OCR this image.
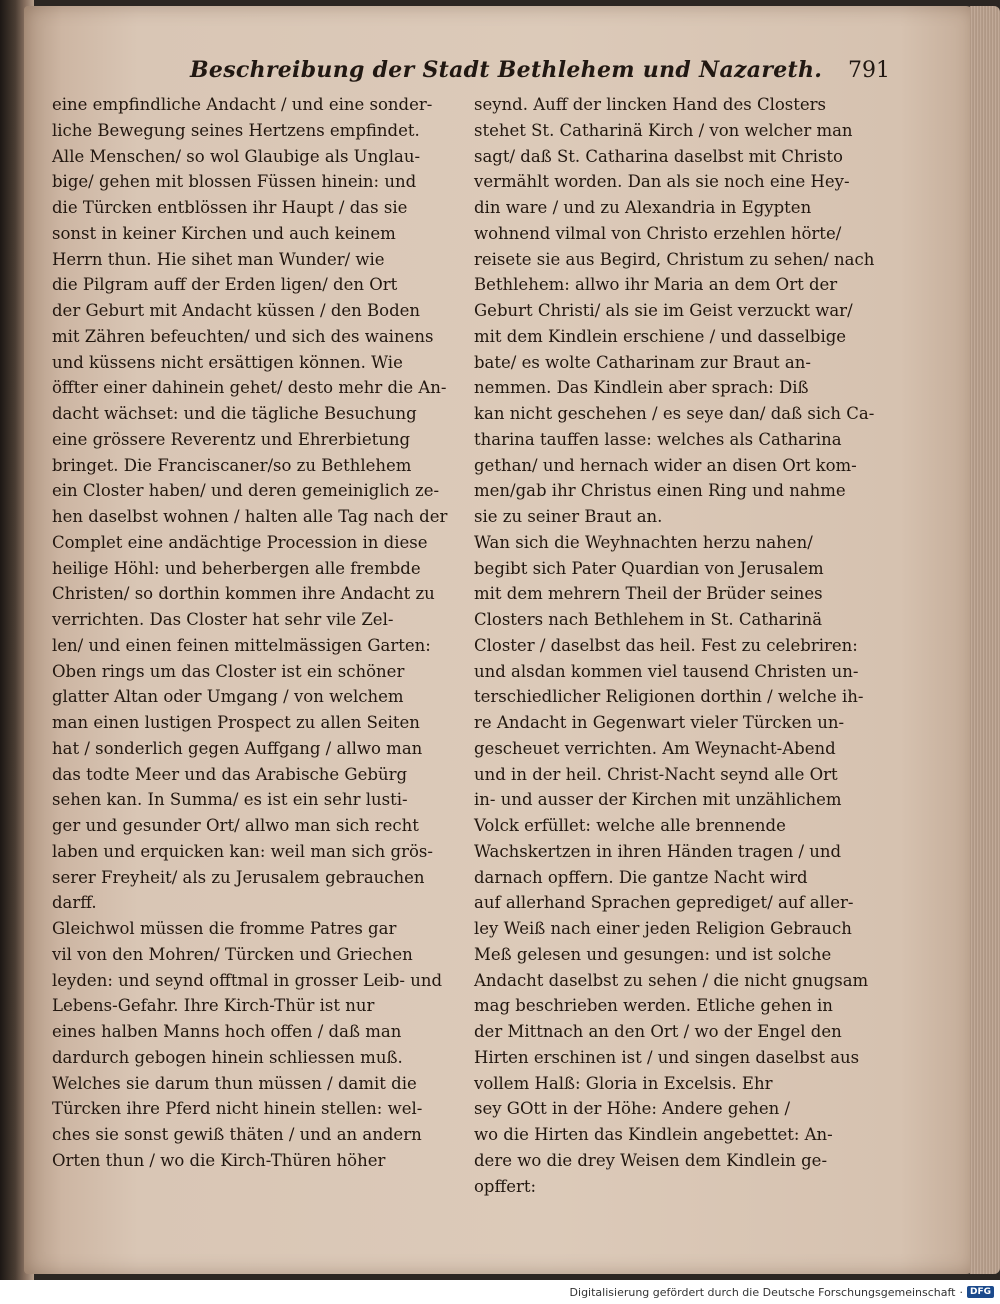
Beschreibung der Stadt Bethlehem und Nazareth. 791
eine empfindliche Andacht / und eine sonder-
liche Bewegung seines Hertzens empfindet.
Alle Menschen/ so wol Glaubige als Unglau-
bige/ gehen mit blossen Füssen hinein: und
die Türcken entblössen ihr Haupt / das sie
sonst in keiner Kirchen und auch keinem
Herrn thun. Hie sihet man Wunder/ wie
die Pilgram auff der Erden ligen/ den Ort
der Geburt mit Andacht küssen / den Boden
mit Zähren befeuchten/ und sich des wainens
und küssens nicht ersättigen können. Wie
öffter einer dahinein gehet/ desto mehr die An-
dacht wächset: und die tägliche Besuchung
eine grössere Reverentz und Ehrerbietung
bringet. Die Franciscaner/so zu Bethlehem
ein Closter haben/ und deren gemeiniglich ze-
hen daselbst wohnen / halten alle Tag nach der
Complet eine andächtige Procession in diese
heilige Höhl: und beherbergen alle frembde
Christen/ so dorthin kommen ihre Andacht zu
verrichten. Das Closter hat sehr vile Zel-
len/ und einen feinen mittelmässigen Garten:
Oben rings um das Closter ist ein schöner
glatter Altan oder Umgang / von welchem
man einen lustigen Prospect zu allen Seiten
hat / sonderlich gegen Auffgang / allwo man
das todte Meer und das Arabische Gebürg
sehen kan. In Summa/ es ist ein sehr lusti-
ger und gesunder Ort/ allwo man sich recht
laben und erquicken kan: weil man sich grös-
serer Freyheit/ als zu Jerusalem gebrauchen
darff.
Gleichwol müssen die fromme Patres gar
vil von den Mohren/ Türcken und Griechen
leyden: und seynd offtmal in grosser Leib- und
Lebens-Gefahr. Ihre Kirch-Thür ist nur
eines halben Manns hoch offen / daß man
dardurch gebogen hinein schliessen muß.
Welches sie darum thun müssen / damit die
Türcken ihre Pferd nicht hinein stellen: wel-
ches sie sonst gewiß thäten / und an andern
Orten thun / wo die Kirch-Thüren höher
seynd. Auff der lincken Hand des Closters
stehet St. Catharinä Kirch / von welcher man
sagt/ daß St. Catharina daselbst mit Christo
vermählt worden. Dan als sie noch eine Hey-
din ware / und zu Alexandria in Egypten
wohnend vilmal von Christo erzehlen hörte/
reisete sie aus Begird, Christum zu sehen/ nach
Bethlehem: allwo ihr Maria an dem Ort der
Geburt Christi/ als sie im Geist verzuckt war/
mit dem Kindlein erschiene / und dasselbige
bate/ es wolte Catharinam zur Braut an-
nemmen. Das Kindlein aber sprach: Diß
kan nicht geschehen / es seye dan/ daß sich Ca-
tharina tauffen lasse: welches als Catharina
gethan/ und hernach wider an disen Ort kom-
men/gab ihr Christus einen Ring und nahme
sie zu seiner Braut an.
Wan sich die Weyhnachten herzu nahen/
begibt sich Pater Quardian von Jerusalem
mit dem mehrern Theil der Brüder seines
Closters nach Bethlehem in St. Catharinä
Closter / daselbst das heil. Fest zu celebriren:
und alsdan kommen viel tausend Christen un-
terschiedlicher Religionen dorthin / welche ih-
re Andacht in Gegenwart vieler Türcken un-
gescheuet verrichten. Am Weynacht-Abend
und in der heil. Christ-Nacht seynd alle Ort
in- und ausser der Kirchen mit unzählichem
Volck erfüllet: welche alle brennende
Wachskertzen in ihren Händen tragen / und
darnach opffern. Die gantze Nacht wird
auf allerhand Sprachen geprediget/ auf aller-
ley Weiß nach einer jeden Religion Gebrauch
Meß gelesen und gesungen: und ist solche
Andacht daselbst zu sehen / die nicht gnugsam
mag beschrieben werden. Etliche gehen in
der Mittnach an den Ort / wo der Engel den
Hirten erschinen ist / und singen daselbst aus
vollem Halß: Gloria in Excelsis. Ehr
sey GOtt in der Höhe: Andere gehen /
wo die Hirten das Kindlein angebettet: An-
dere wo die drey Weisen dem Kindlein ge-
opffert:
Digitalisierung gefördert durch die Deutsche Forschungsgemeinschaft · DFG
